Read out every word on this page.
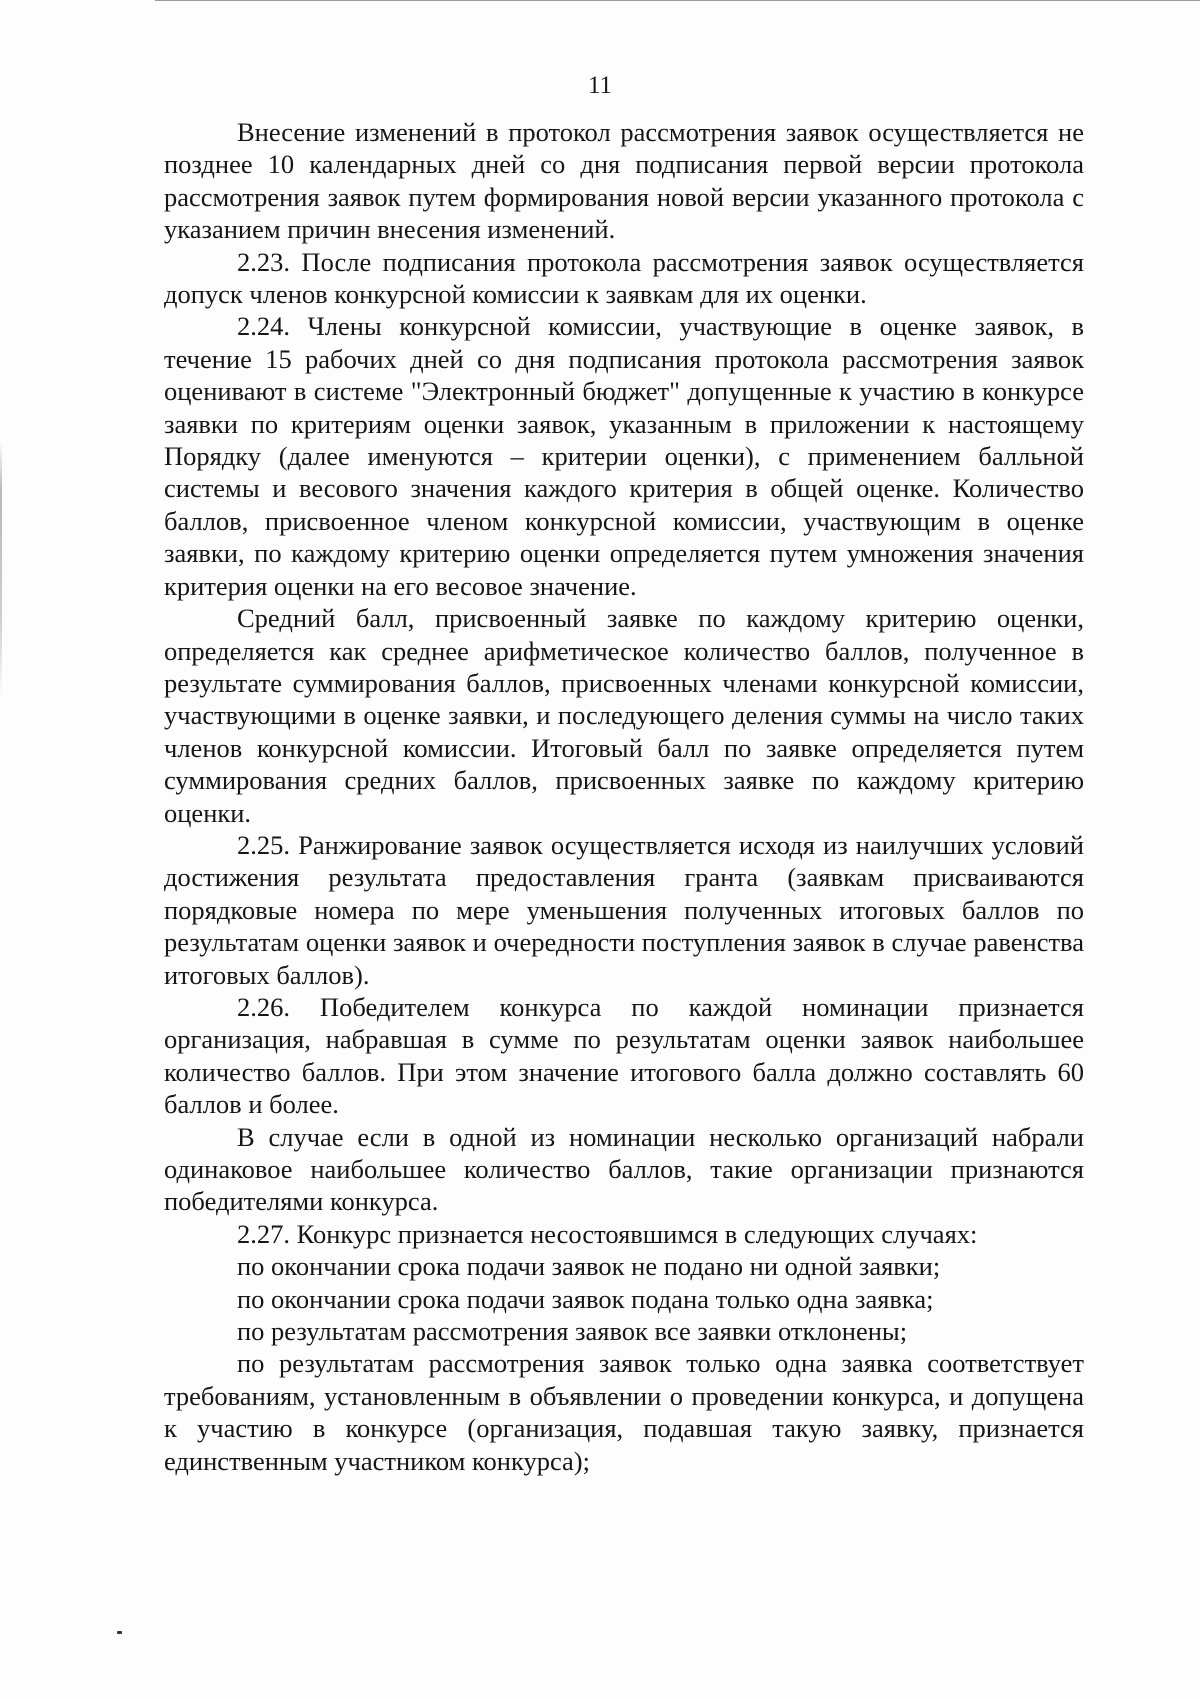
11

Внесение изменений в протокол рассмотрения заявок осуществляется не позднее 10 календарных дней со дня подписания первой версии протокола рассмотрения заявок путем формирования новой версии указанного протокола с указанием причин внесения изменений.

2.23. После подписания протокола рассмотрения заявок осуществляется допуск членов конкурсной комиссии к заявкам для их оценки.

2.24. Члены конкурсной комиссии, участвующие в оценке заявок, в течение 15 рабочих дней со дня подписания протокола рассмотрения заявок оценивают в системе "Электронный бюджет" допущенные к участию в конкурсе заявки по критериям оценки заявок, указанным в приложении к настоящему Порядку (далее именуются – критерии оценки), с применением балльной системы и весового значения каждого критерия в общей оценке. Количество баллов, присвоенное членом конкурсной комиссии, участвующим в оценке заявки, по каждому критерию оценки определяется путем умножения значения критерия оценки на его весовое значение.

Средний балл, присвоенный заявке по каждому критерию оценки, определяется как среднее арифметическое количество баллов, полученное в результате суммирования баллов, присвоенных членами конкурсной комиссии, участвующими в оценке заявки, и последующего деления суммы на число таких членов конкурсной комиссии. Итоговый балл по заявке определяется путем суммирования средних баллов, присвоенных заявке по каждому критерию оценки.

2.25. Ранжирование заявок осуществляется исходя из наилучших условий достижения результата предоставления гранта (заявкам присваиваются порядковые номера по мере уменьшения полученных итоговых баллов по результатам оценки заявок и очередности поступления заявок в случае равенства итоговых баллов).

2.26. Победителем конкурса по каждой номинации признается организация, набравшая в сумме по результатам оценки заявок наибольшее количество баллов. При этом значение итогового балла должно составлять 60 баллов и более.

В случае если в одной из номинации несколько организаций набрали одинаковое наибольшее количество баллов, такие организации признаются победителями конкурса.

2.27. Конкурс признается несостоявшимся в следующих случаях:

по окончании срока подачи заявок не подано ни одной заявки;

по окончании срока подачи заявок подана только одна заявка;

по результатам рассмотрения заявок все заявки отклонены;

по результатам рассмотрения заявок только одна заявка соответствует требованиям, установленным в объявлении о проведении конкурса, и допущена к участию в конкурсе (организация, подавшая такую заявку, признается единственным участником конкурса);
